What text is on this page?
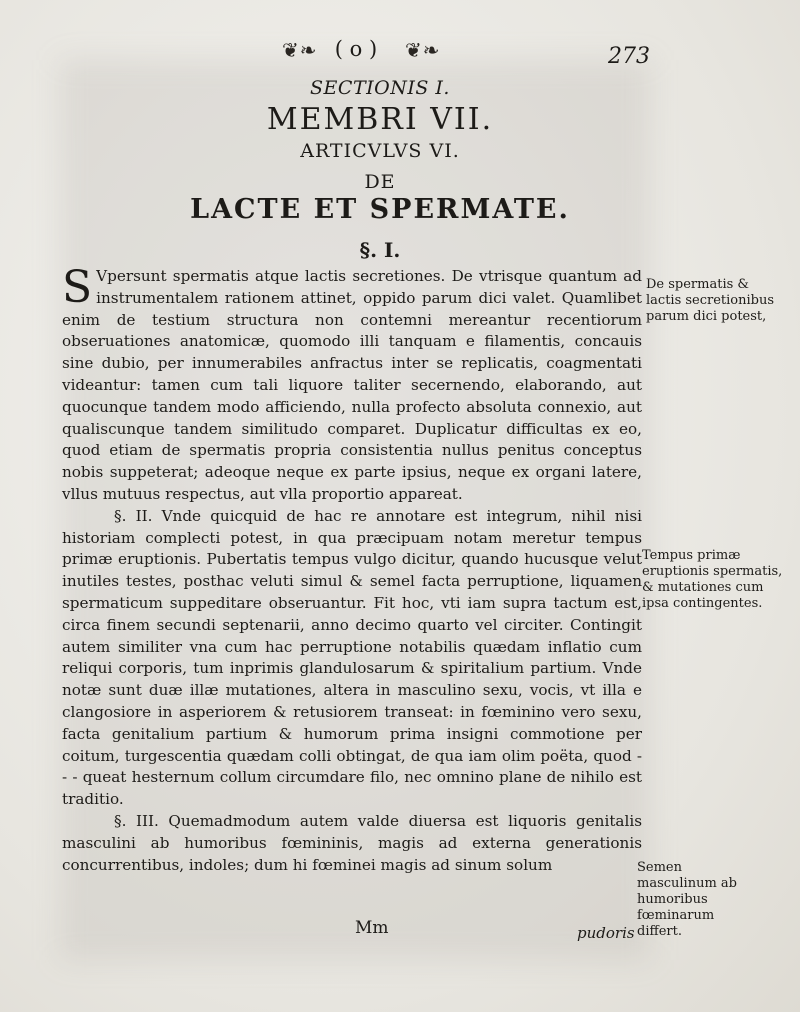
❦❧ ( o )	❦❧	273
SECTIONIS I.
MEMBRI VII.
ARTICVLVS VI.
DE
LACTE ET SPERMATE.
§. I.

SVpersunt spermatis atque lactis secretiones. De vtrisque quantum ad instrumentalem rationem attinet, oppido parum dici valet. Quamlibet enim de testium structura non contemni mereantur recentiorum obseruationes anatomicæ, quomodo illi tanquam e filamentis, concauis sine dubio, per innumerabiles anfractus inter se replicatis, coagmentati videantur: tamen cum tali liquore taliter secernendo, elaborando, aut quocunque tandem modo afficiendo, nulla profecto absoluta connexio, aut qualiscunque tandem similitudo comparet. Duplicatur difficultas ex eo, quod etiam de spermatis propria consistentia nullus penitus conceptus nobis suppeterat; adeoque neque ex parte ipsius, neque ex organi latere, vllus mutuus respectus, aut vlla proportio appareat.

§. II. Vnde quicquid de hac re annotare est integrum, nihil nisi historiam complecti potest, in qua præcipuam notam meretur tempus primæ eruptionis. Pubertatis tempus vulgo dicitur, quando hucusque velut inutiles testes, posthac veluti simul & semel facta perruptione, liquamen spermaticum suppeditare obseruantur. Fit hoc, vti iam supra tactum est, circa finem secundi septenarii, anno decimo quarto vel circiter. Contingit autem similiter vna cum hac perruptione notabilis quædam inflatio cum reliqui corporis, tum inprimis glandulosarum & spiritalium partium. Vnde notæ sunt duæ illæ mutationes, altera in masculino sexu, vocis, vt illa e clangosiore in asperiorem & retusiorem transeat: in fœminino vero sexu, facta genitalium partium & humorum prima insigni commotione per coitum, turgescentia quædam colli obtingat, de qua iam olim poëta, quod - - - queat hesternum collum circumdare filo, nec omnino plane de nihilo est traditio.

§. III. Quemadmodum autem valde diuersa est liquoris genitalis masculini ab humoribus fœmininis, magis ad externa generationis concurrentibus, indoles; dum hi fœminei magis ad sinum solum

De spermatis & lactis secretionibus parum dici potest,
Tempus primæ eruptionis spermatis, & mutationes cum ipsa contingentes.
Semen masculinum ab humoribus fœminarum differt.
Mm	pudoris
